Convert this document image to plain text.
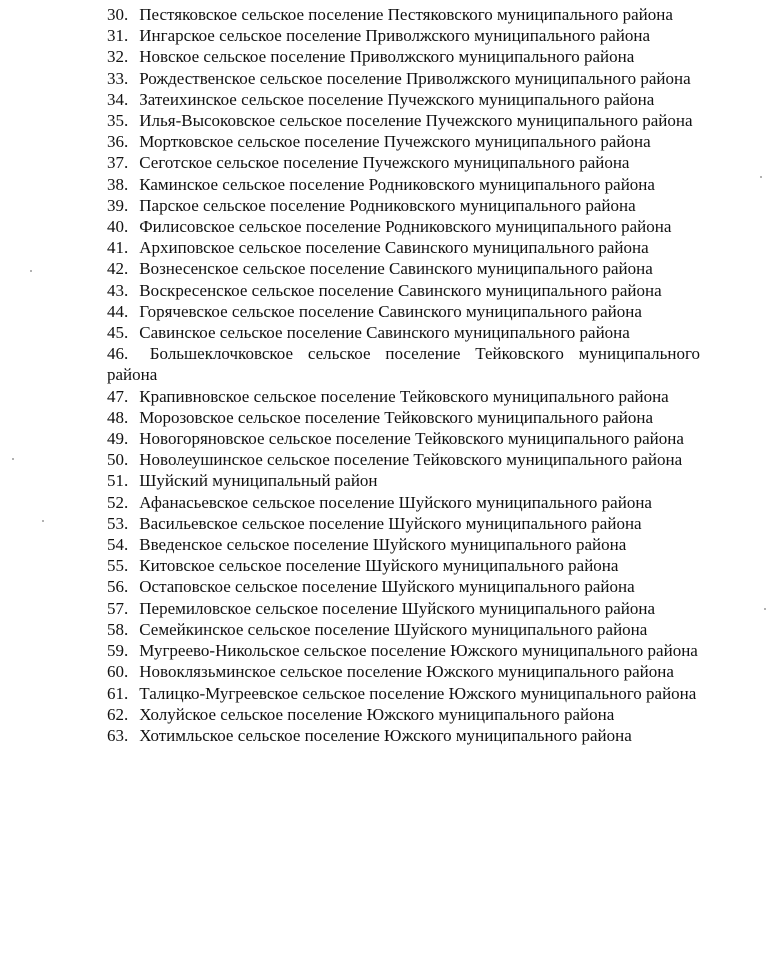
30. Пестяковское сельское поселение Пестяковского муниципального района
31. Ингарское сельское поселение Приволжского муниципального района
32. Новское сельское поселение Приволжского муниципального района
33. Рождественское сельское поселение Приволжского муниципального района
34. Затеихинское сельское поселение Пучежского муниципального района
35. Илья-Высоковское сельское поселение Пучежского муниципального района
36. Мортковское сельское поселение Пучежского муниципального района
37. Сеготское сельское поселение Пучежского муниципального района
38. Каминское сельское поселение Родниковского муниципального района
39. Парское сельское поселение Родниковского муниципального района
40. Филисовское сельское поселение Родниковского муниципального района
41. Архиповское сельское поселение Савинского муниципального района
42. Вознесенское сельское поселение Савинского муниципального района
43. Воскресенское сельское поселение Савинского муниципального района
44. Горячевское сельское поселение Савинского муниципального района
45. Савинское сельское поселение Савинского муниципального района
46. Большеклочковское сельское поселение Тейковского муниципального района
47. Крапивновское сельское поселение Тейковского муниципального района
48. Морозовское сельское поселение Тейковского муниципального района
49. Новогоряновское сельское поселение Тейковского муниципального района
50. Новолеушинское сельское поселение Тейковского муниципального района
51. Шуйский муниципальный район
52. Афанасьевское сельское поселение Шуйского муниципального района
53. Васильевское сельское поселение Шуйского муниципального района
54. Введенское сельское поселение Шуйского муниципального района
55. Китовское сельское поселение Шуйского муниципального района
56. Остаповское сельское поселение Шуйского муниципального района
57. Перемиловское сельское поселение Шуйского муниципального района
58. Семейкинское сельское поселение Шуйского муниципального района
59. Мугреево-Никольское сельское поселение Южского муниципального района
60. Новоклязьминское сельское поселение Южского муниципального района
61. Талицко-Мугреевское сельское поселение Южского муниципального района
62. Холуйское сельское поселение Южского муниципального района
63. Хотимльское сельское поселение Южского муниципального района
